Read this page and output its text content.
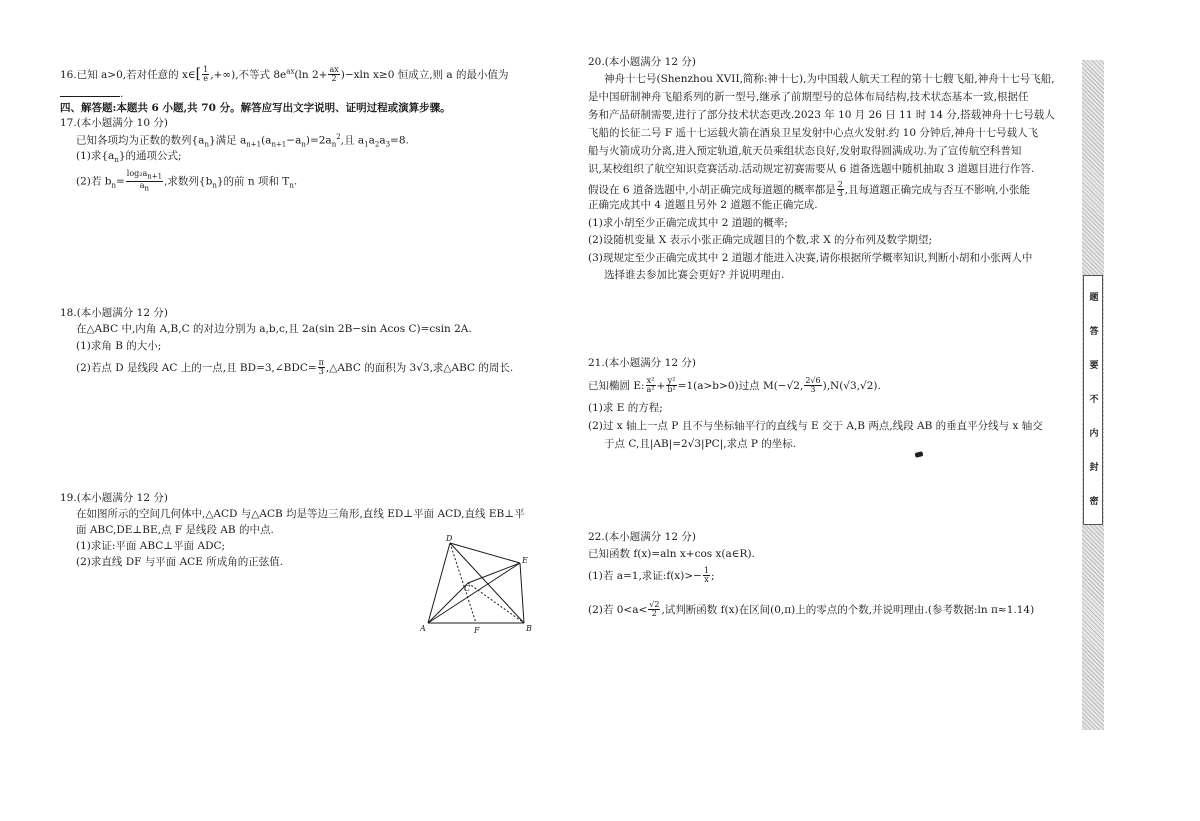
16.已知 a>0,若对任意的 x∈[ $\frac{1}{e}$ ,+∞),不等式 $8e^{ax}(\ln$ $2+ \frac{ax}{2} )-xln$ x≥0 恒成立,则 a 的最小值为
.
四、解答题:本题共 6 小题,共 70 分。解答应写出文字说明、证明过程或演算步骤。
17.(本小题满分 10 分)
已知各项均为正数的数列$\{a_n\}$满足 $a_{n+1}(a_{n+1}-a_n)=2a_n^2$,且 $a_1a_2a_3=8$.
(1)求$\{a_n\}$的通项公式;
(2)若 $b_n= \frac{\log_2a_{n+1}}{a_n}$ ,求数列$\{b_n\}$的前 n 项和 $T_n$.
18.(本小题满分 12 分)
在△ABC 中,内角 A,B,C 的对边分别为 a,b,c,且 2a(sin 2B−sin Acos C)=csin 2A.
(1)求角 B 的大小;
(2)若点 D 是线段 AC 上的一点,且 BD=3,∠BDC= $\frac{\pi}{3}$ ,△ABC 的面积为 3√3,求△ABC 的周长.
19.(本小题满分 12 分)
在如图所示的空间几何体中,△ACD 与△ACB 均是等边三角形,直线 ED⊥平面 ACD,直线 EB⊥平
面 ABC,DE⊥BE,点 F 是线段 AB 的中点.
(1)求证:平面 ABC⊥平面 ADC;
(2)求直线 DF 与平面 ACE 所成角的正弦值.
D
E
C
A	F	B
20.(本小题满分 12 分)
神舟十七号(Shenzhou XVII,简称:神十七),为中国载人航天工程的第十七艘飞船,神舟十七号飞船,
是中国研制神舟飞船系列的新一型号,继承了前期型号的总体布局结构,技术状态基本一致,根据任
务和产品研制需要,进行了部分技术状态更改.2023 年 10 月 26 日 11 时 14 分,搭载神舟十七号载人
飞船的长征二号 F 遥十七运载火箭在酒泉卫星发射中心点火发射.约 10 分钟后,神舟十七号载人飞
船与火箭成功分离,进入预定轨道,航天员乘组状态良好,发射取得圆满成功.为了宣传航空科普知
识,某校组织了航空知识竞赛活动.活动规定初赛需要从 6 道备选题中随机抽取 3 道题目进行作答.
假设在 6 道备选题中,小胡正确完成每道题的概率都是 $\frac{2}{3}$ ,且每道题正确完成与否互不影响,小张能
正确完成其中 4 道题且另外 2 道题不能正确完成.
(1)求小胡至少正确完成其中 2 道题的概率;
(2)设随机变量 X 表示小张正确完成题目的个数,求 X 的分布列及数学期望;
(3)现规定至少正确完成其中 2 道题才能进入决赛,请你根据所学概率知识,判断小胡和小张两人中
选择谁去参加比赛会更好? 并说明理由.
21.(本小题满分 12 分)
已知椭圆 E: $\frac{\text{x²}}{\text{a²}} + \frac{\text{y²}}{\text{b²}} =1(a>b>0)$过点 M(−√2, $\frac{2√6}{3} ),N(√3,√2)$.
(1)求 E 的方程;
(2)过 x 轴上一点 P 且不与坐标轴平行的直线与 E 交于 A,B 两点,线段 AB 的垂直平分线与 x 轴交
于点 C,且|AB|=2√3|PC|,求点 P 的坐标.
22.(本小题满分 12 分)
已知函数 f(x)=aln x+cos x(a∈R).
(1)若 a=1,求证:f(x)>− $\frac{1}{x}$ ;
(2)若 $0<a< \frac{√2}{2}$ ,试判断函数 f(x)在区间(0,π)上的零点的个数,并说明理由.(参考数据:ln π≈1.14)
题
答
要
不
内
封
密
